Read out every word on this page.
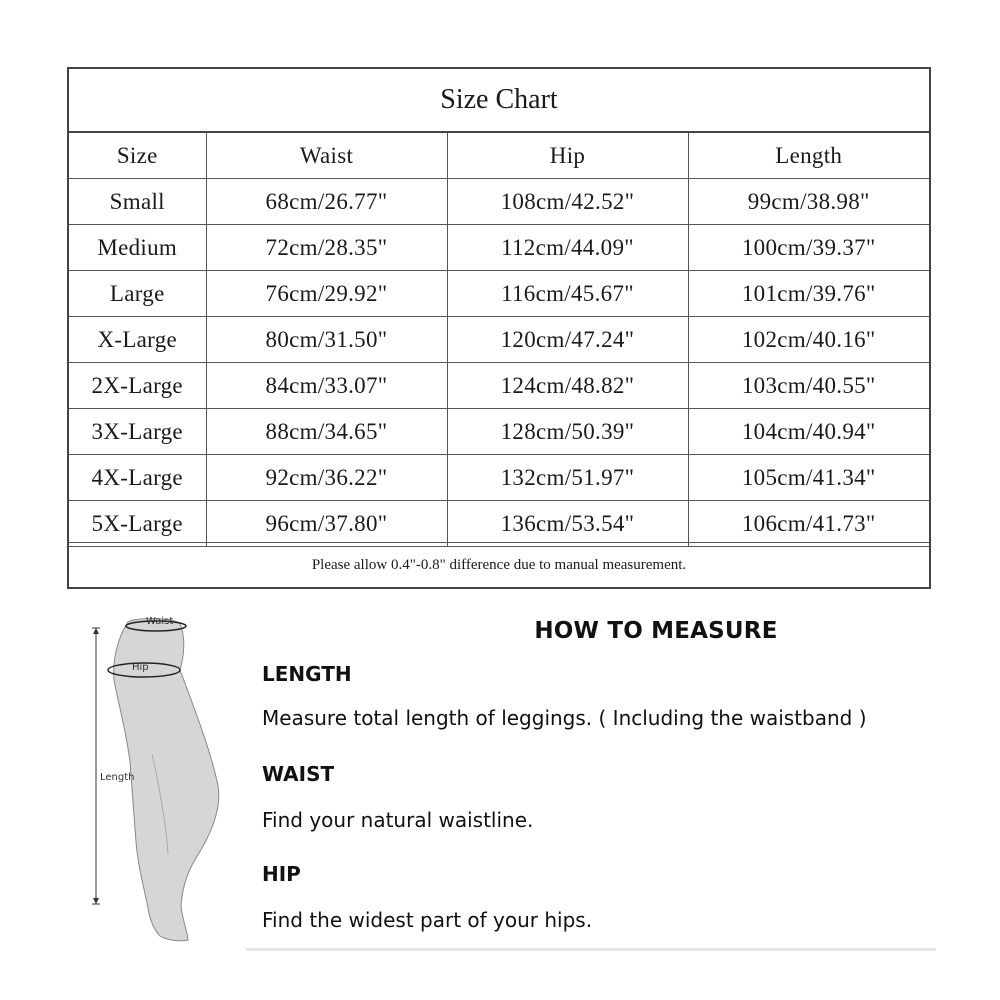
Size Chart
Size	Waist	Hip	Length
Small	68cm/26.77"	108cm/42.52"	99cm/38.98"
Medium	72cm/28.35"	112cm/44.09"	100cm/39.37"
Large	76cm/29.92"	116cm/45.67"	101cm/39.76"
X-Large	80cm/31.50"	120cm/47.24"	102cm/40.16"
2X-Large	84cm/33.07"	124cm/48.82"	103cm/40.55"
3X-Large	88cm/34.65"	128cm/50.39"	104cm/40.94"
4X-Large	92cm/36.22"	132cm/51.97"	105cm/41.34"
5X-Large	96cm/37.80"	136cm/53.54"	106cm/41.73"
Please allow 0.4"-0.8" difference due to manual measurement.
Waist
Hip
Length
HOW TO MEASURE
LENGTH
Measure total length of leggings. ( Including the waistband )
WAIST
Find your natural waistline.
HIP
Find the widest part of your hips.
